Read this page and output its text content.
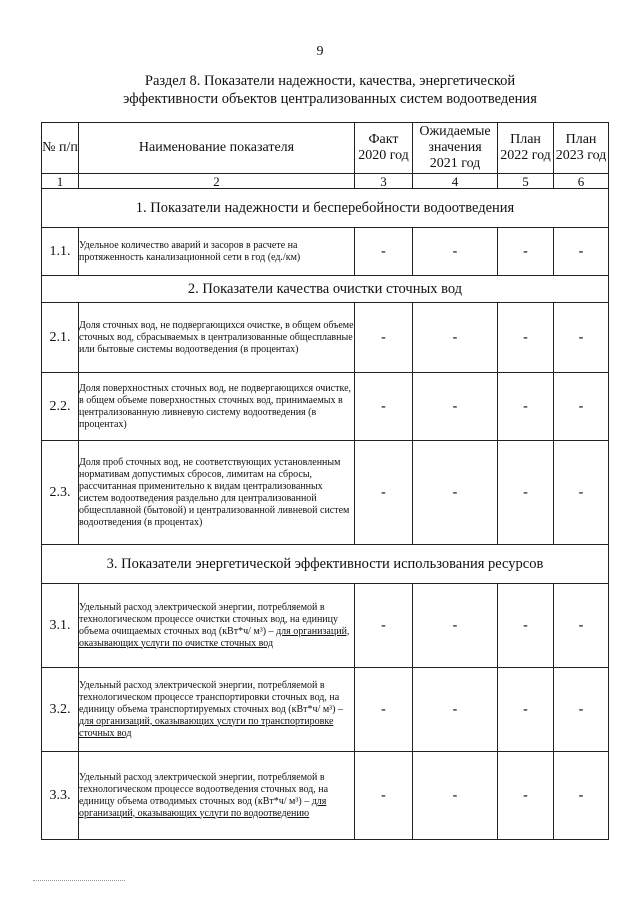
9
Раздел 8. Показатели надежности, качества, энергетической
эффективности объектов централизованных систем водоотведения
№ п/п	Наименование показателя	Факт 2020 год	Ожидаемые значения 2021 год	План 2022 год	План 2023 год
1	2	3	4	5	6
1. Показатели надежности и бесперебойности водоотведения					
1.1.	Удельное количество аварий и засоров в расчете на протяженность канализационной сети в год (ед./км)	-	-	-	-
2. Показатели качества очистки сточных вод					
2.1.	Доля сточных вод, не подвергающихся очистке, в общем объеме сточных вод, сбрасываемых в централизованные общесплавные или бытовые системы водоотведения (в процентах)	-	-	-	-
2.2.	Доля поверхностных сточных вод, не подвергающихся очистке, в общем объеме поверхностных сточных вод, принимаемых в централизованную ливневую систему водоотведения (в процентах)	-	-	-	-
2.3.	Доля проб сточных вод, не соответствующих установленным нормативам допустимых сбросов, лимитам на сбросы, рассчитанная применительно к видам централизованных систем водоотведения раздельно для централизованной общесплавной (бытовой) и централизованной ливневой систем водоотведения (в процентах)	-	-	-	-
3. Показатели энергетической эффективности использования ресурсов					
3.1.	Удельный расход электрической энергии, потребляемой в технологическом процессе очистки сточных вод, на единицу объема очищаемых сточных вод (кВт*ч/ м³) – для организаций, оказывающих услуги по очистке сточных вод	-	-	-	-
3.2.	Удельный расход электрической энергии, потребляемой в технологическом процессе транспортировки сточных вод, на единицу объема транспортируемых сточных вод (кВт*ч/ м³) – для организаций, оказывающих услуги по транспортировке сточных вод	-	-	-	-
3.3.	Удельный расход электрической энергии, потребляемой в технологическом процессе водоотведения сточных вод, на единицу объема отводимых сточных вод (кВт*ч/ м³) – для организаций, оказывающих услуги по водоотведению	-	-	-	-
